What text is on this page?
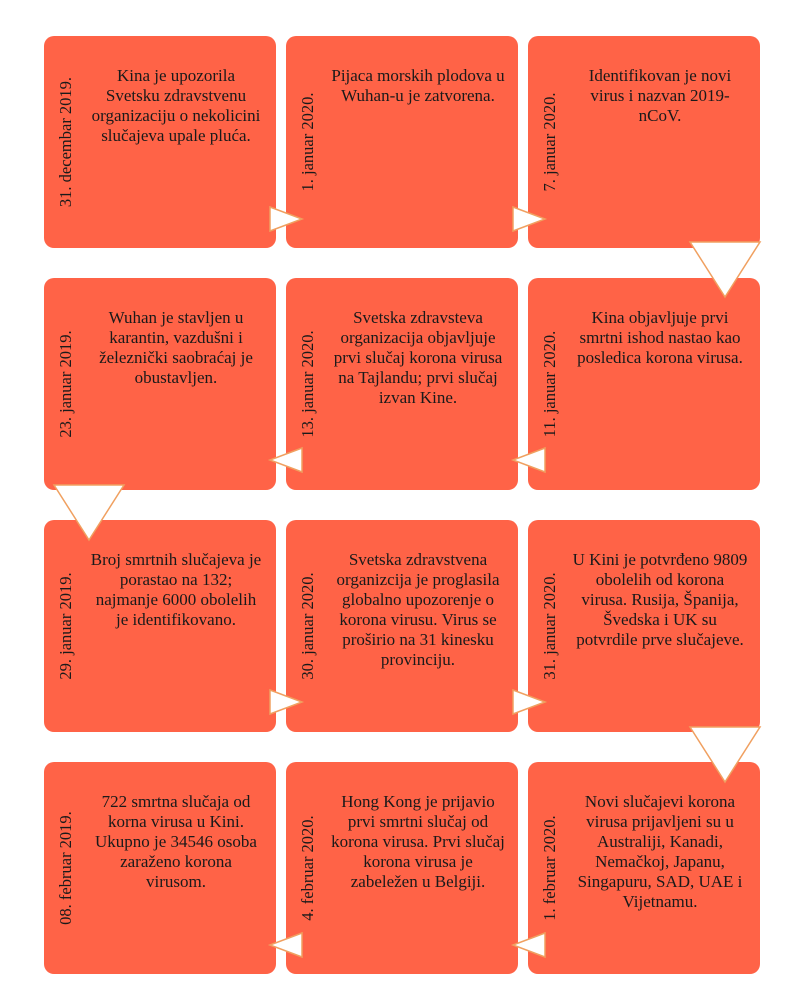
31. decembar 2019.
Kina je upozorila Svetsku zdravstvenu organizaciju o nekolicini slučajeva upale pluća.	1. januar 2020.
Pijaca morskih plodova u Wuhan-u je zatvorena.	7. januar 2020.
Identifikovan je novi virus i nazvan 2019-nCoV.
23. januar 2019.
Wuhan je stavljen u karantin, vazdušni i železnički saobraćaj je obustavljen.	13. januar 2020.
Svetska zdravsteva organizacija objavljuje prvi slučaj korona virusa na Tajlandu; prvi slučaj izvan Kine.	11. januar 2020.
Kina objavljuje prvi smrtni ishod nastao kao posledica korona virusa.
29. januar 2019.
Broj smrtnih slučajeva je porastao na 132; najmanje 6000 obolelih je identifikovano.	30. januar 2020.
Svetska zdravstvena organizcija je proglasila globalno upozorenje o korona virusu. Virus se proširio na 31 kinesku provinciju.	31. januar 2020.
U Kini je potvrđeno 9809 obolelih od korona virusa. Rusija, Španija, Švedska i UK su potvrdile prve slučajeve.
08. februar 2019.
722 smrtna slučaja od korna virusa u Kini. Ukupno je 34546 osoba zaraženo korona virusom.	4. februar 2020.
Hong Kong je prijavio prvi smrtni slučaj od korona virusa. Prvi slučaj korona virusa je zabeležen u Belgiji.	1. februar 2020.
Novi slučajevi korona virusa prijavljeni su u Australiji, Kanadi, Nemačkoj, Japanu, Singapuru, SAD, UAE i Vijetnamu.
